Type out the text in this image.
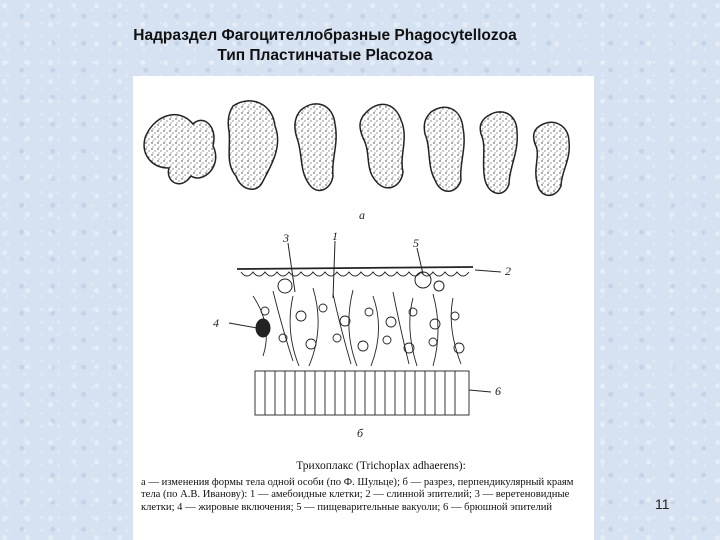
Надраздел Фагоцителлобразные Phagocytellozoa
Тип Пластинчатые Placozoa
а
б
3	1	5
2
4
6
Трихоплакс (Trichoplax adhaerens):
а — изменения формы тела одной особи (по Ф. Шульце); б — разрез, перпендикулярный краям тела (по А.В. Иванову): 1 — амебоидные клетки; 2 — слинной эпителий; 3 — веретеновидные клетки; 4 — жировые включения; 5 — пищеварительные вакуоли; 6 — брюшной эпителий	11
